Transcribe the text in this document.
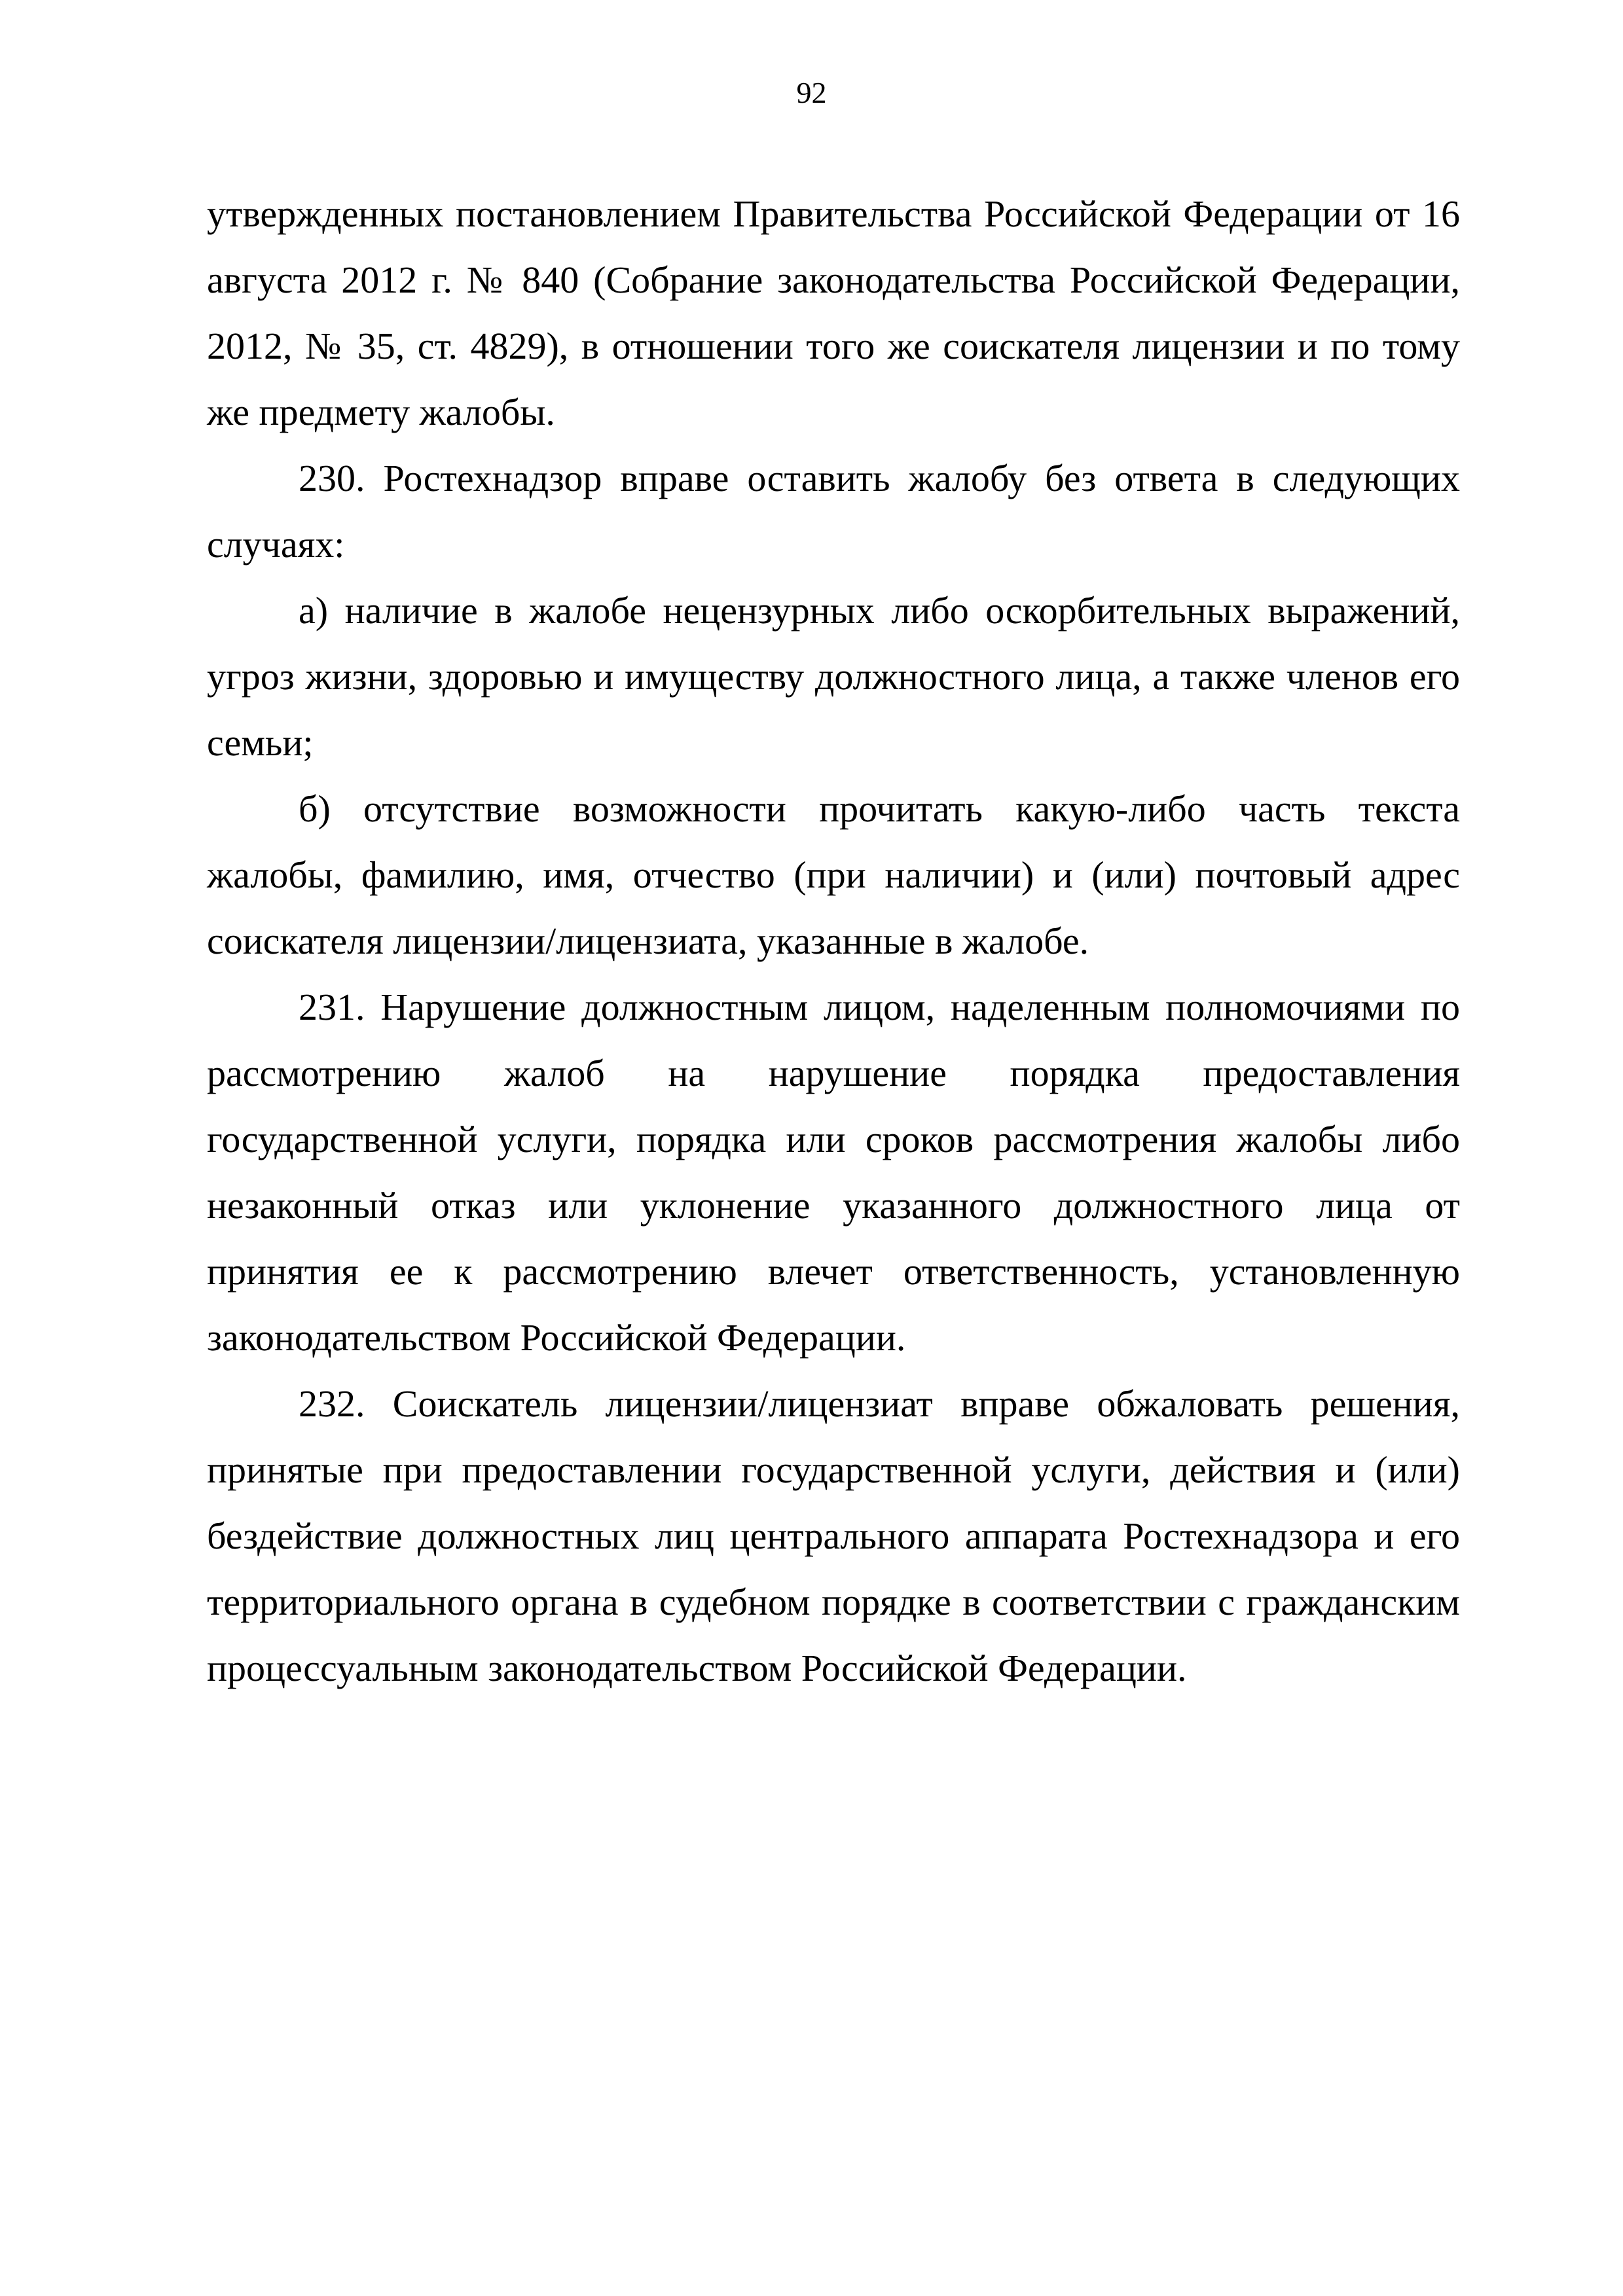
92

утвержденных постановлением Правительства Российской Федерации от 16 августа 2012 г. № 840 (Собрание законодательства Российской Федерации, 2012, № 35, ст. 4829), в отношении того же соискателя лицензии и по тому же предмету жалобы.

230. Ростехнадзор вправе оставить жалобу без ответа в следующих случаях:

а) наличие в жалобе нецензурных либо оскорбительных выражений, угроз жизни, здоровью и имуществу должностного лица, а также членов его семьи;

б) отсутствие возможности прочитать какую-либо часть текста жалобы, фамилию, имя, отчество (при наличии) и (или) почтовый адрес соискателя лицензии/лицензиата, указанные в жалобе.

231. Нарушение должностным лицом, наделенным полномочиями по рассмотрению жалоб на нарушение порядка предоставления государственной услуги, порядка или сроков рассмотрения жалобы либо незаконный отказ или уклонение указанного должностного лица от принятия ее к рассмотрению влечет ответственность, установленную законодательством Российской Федерации.

232. Соискатель лицензии/лицензиат вправе обжаловать решения, принятые при предоставлении государственной услуги, действия и (или) бездействие должностных лиц центрального аппарата Ростехнадзора и его территориального органа в судебном порядке в соответствии с гражданским процессуальным законодательством Российской Федерации.
